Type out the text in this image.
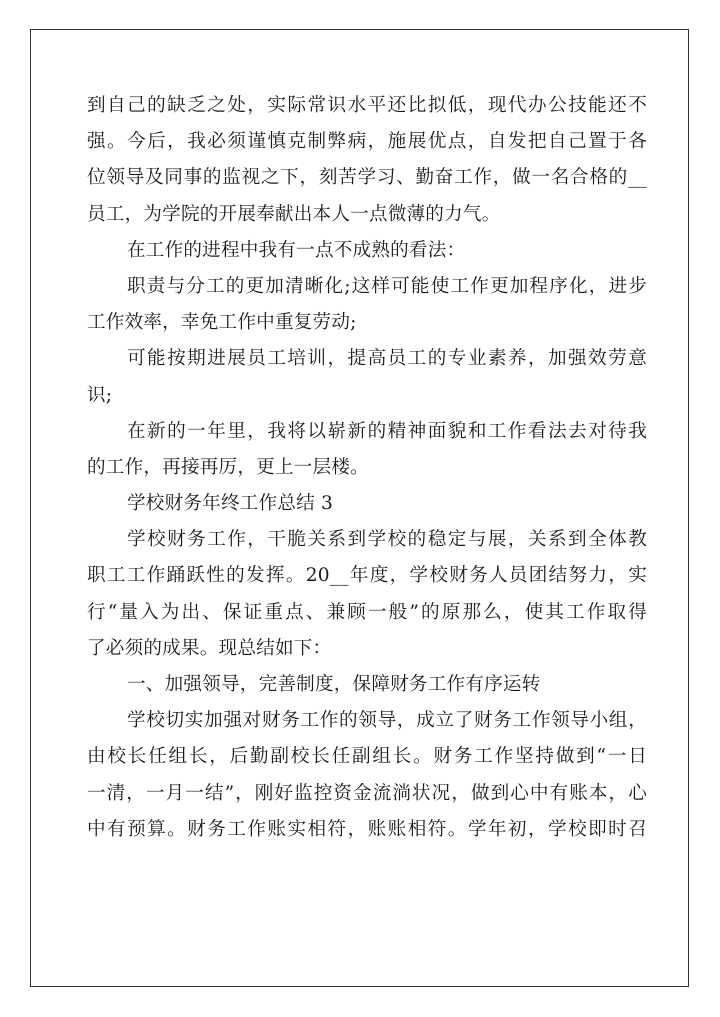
到自己的缺乏之处，实际常识水平还比拟低，现代办公技能还不
强。今后，我必须谨慎克制弊病，施展优点，自发把自己置于各
位领导及同事的监视之下，刻苦学习、勤奋工作，做一名合格的__
员工，为学院的开展奉献出本人一点微薄的力气。
在工作的进程中我有一点不成熟的看法：
职责与分工的更加清晰化;这样可能使工作更加程序化，进步
工作效率，幸免工作中重复劳动;
可能按期进展员工培训，提高员工的专业素养，加强效劳意
识;
在新的一年里，我将以崭新的精神面貌和工作看法去对待我
的工作，再接再厉，更上一层楼。
学校财务年终工作总结 3
学校财务工作，干脆关系到学校的稳定与展，关系到全体教
职工工作踊跃性的发挥。20__年度，学校财务人员团结努力，实
行“量入为出、保证重点、兼顾一般”的原那么，使其工作取得
了必须的成果。现总结如下：
一、加强领导，完善制度，保障财务工作有序运转
学校切实加强对财务工作的领导，成立了财务工作领导小组，
由校长任组长，后勤副校长任副组长。财务工作坚持做到“一日
一清，一月一结”，刚好监控资金流淌状况，做到心中有账本，心
中有预算。财务工作账实相符，账账相符。学年初，学校即时召
